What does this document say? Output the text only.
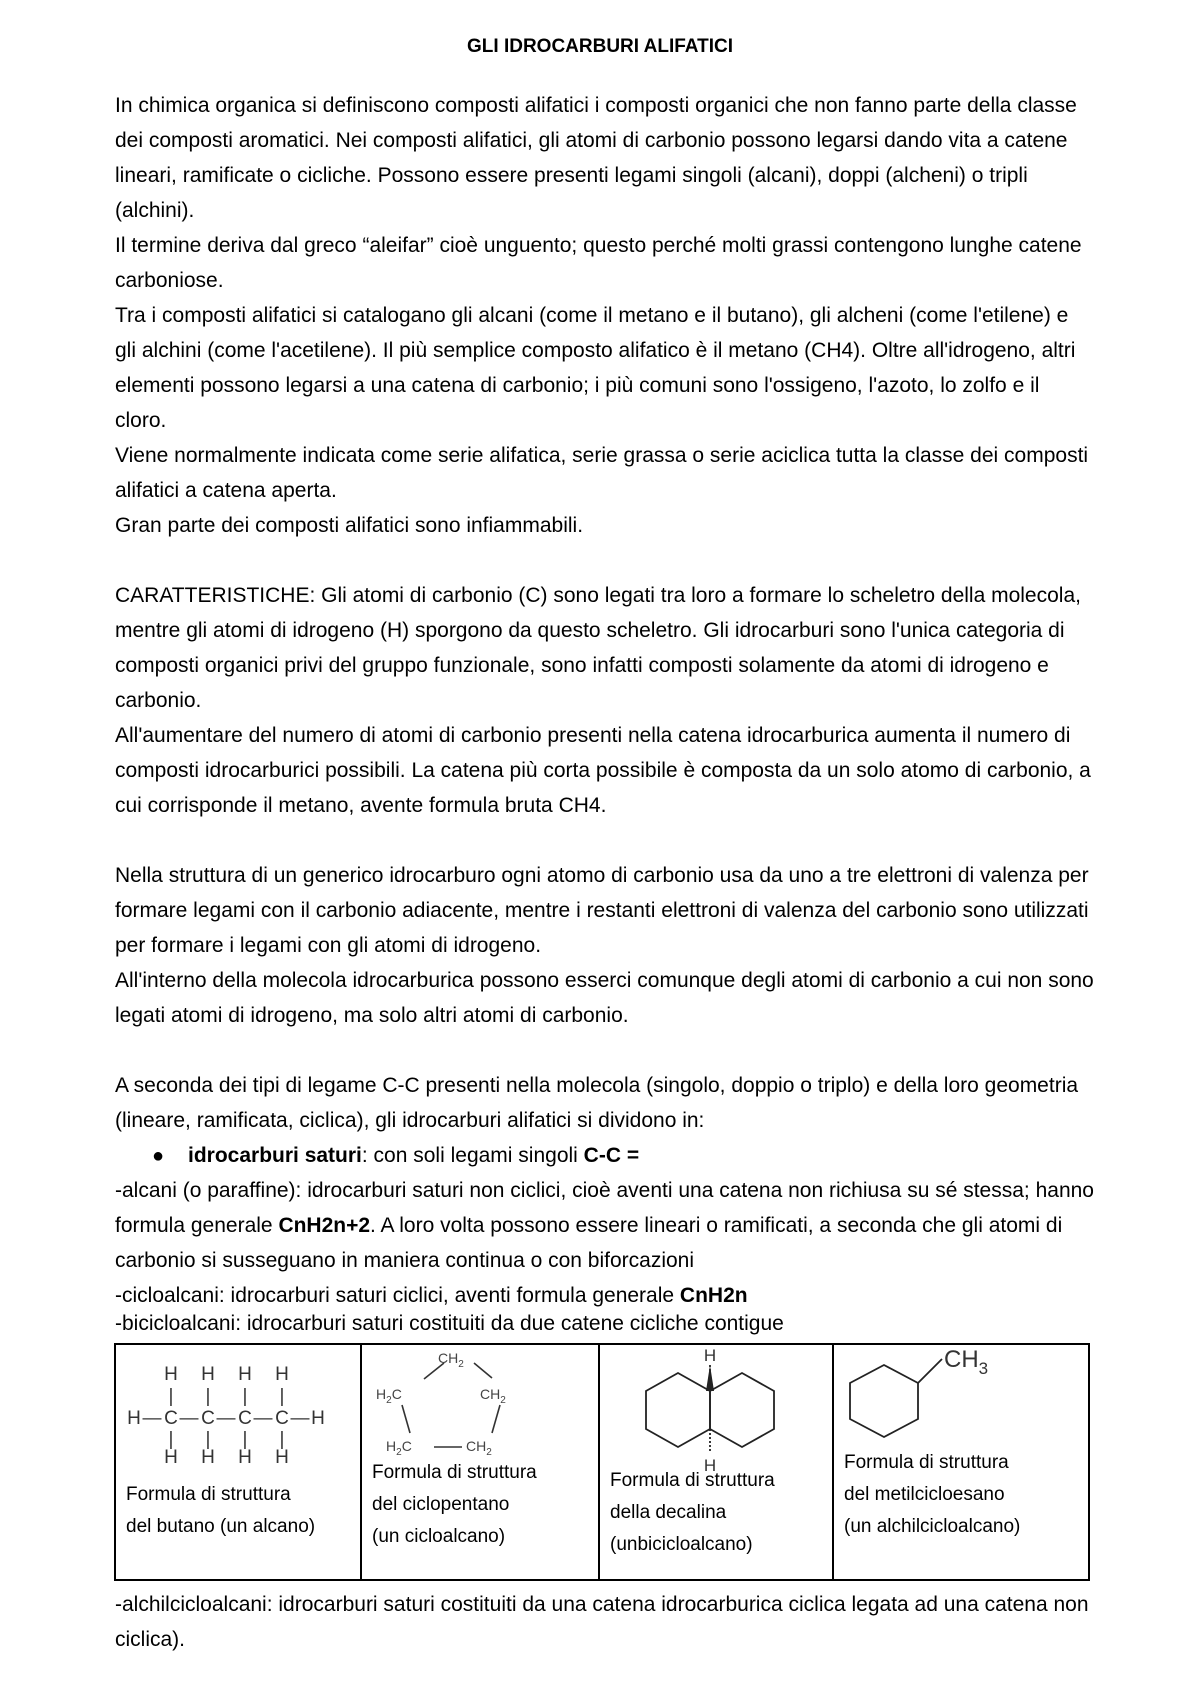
GLI IDROCARBURI ALIFATICI

In chimica organica si definiscono composti alifatici i composti organici che non fanno parte della classe dei composti aromatici. Nei composti alifatici, gli atomi di carbonio possono legarsi dando vita a catene lineari, ramificate o cicliche. Possono essere presenti legami singoli (alcani), doppi (alcheni) o tripli (alchini).

Il termine deriva dal greco “aleifar” cioè unguento; questo perché molti grassi contengono lunghe catene carboniose.

Tra i composti alifatici si catalogano gli alcani (come il metano e il butano), gli alcheni (come l'etilene) e gli alchini (come l'acetilene). Il più semplice composto alifatico è il metano (CH4). Oltre all'idrogeno, altri elementi possono legarsi a una catena di carbonio; i più comuni sono l'ossigeno, l'azoto, lo zolfo e il cloro.

Viene normalmente indicata come serie alifatica, serie grassa o serie aciclica tutta la classe dei composti alifatici a catena aperta.

Gran parte dei composti alifatici sono infiammabili.

CARATTERISTICHE: Gli atomi di carbonio (C) sono legati tra loro a formare lo scheletro della molecola, mentre gli atomi di idrogeno (H) sporgono da questo scheletro. Gli idrocarburi sono l'unica categoria di composti organici privi del gruppo funzionale, sono infatti composti solamente da atomi di idrogeno e carbonio.

All'aumentare del numero di atomi di carbonio presenti nella catena idrocarburica aumenta il numero di composti idrocarburici possibili. La catena più corta possibile è composta da un solo atomo di carbonio, a cui corrisponde il metano, avente formula bruta CH4.

Nella struttura di un generico idrocarburo ogni atomo di carbonio usa da uno a tre elettroni di valenza per formare legami con il carbonio adiacente, mentre i restanti elettroni di valenza del carbonio sono utilizzati per formare i legami con gli atomi di idrogeno.

All'interno della molecola idrocarburica possono esserci comunque degli atomi di carbonio a cui non sono legati atomi di idrogeno, ma solo altri atomi di carbonio.

A seconda dei tipi di legame C-C presenti nella molecola (singolo, doppio o triplo) e della loro geometria (lineare, ramificata, ciclica), gli idrocarburi alifatici si dividono in:

● idrocarburi saturi: con soli legami singoli C-C =

-alcani (o paraffine): idrocarburi saturi non ciclici, cioè aventi una catena non richiusa su sé stessa; hanno formula generale CnH2n+2. A loro volta possono essere lineari o ramificati, a seconda che gli atomi di carbonio si susseguano in maniera continua o con biforcazioni

-cicloalcani: idrocarburi saturi ciclici, aventi formula generale CnH2n

-bicicloalcani: idrocarburi saturi costituiti da due catene cicliche contigue

H H H H
| | | |
H — C — C — C — C — H
| | | |
H H H H
Formula di struttura
del butano (un alcano)

$CH_2$
$H_2C$	$CH_2$
$H_2C$	$CH_2$
Formula di struttura
del ciclopentano
(un cicloalcano)

H
H
Formula di struttura
della decalina
(unbicicloalcano)

$CH_3$
Formula di struttura
del metilcicloesano
(un alchilcicloalcano)

-alchilcicloalcani: idrocarburi saturi costituiti da una catena idrocarburica ciclica legata ad una catena non ciclica).
